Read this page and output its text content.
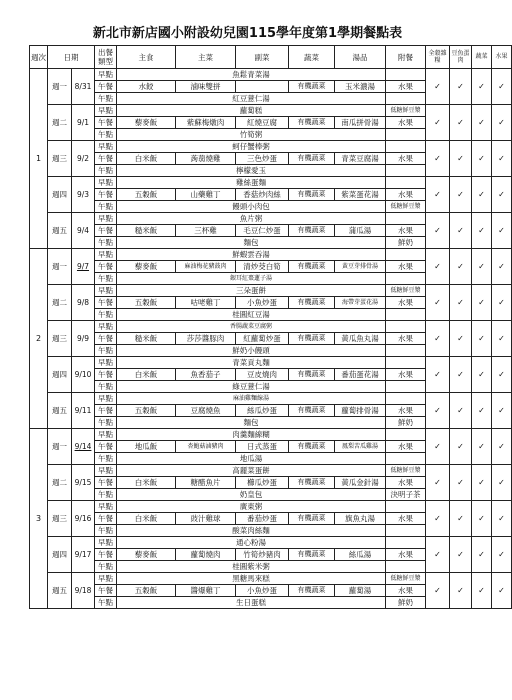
新北市新店國小附設幼兒園115學年度第1學期餐點表
週次	日期		出餐類型	主食	主菜	副菜	蔬菜	湯品	附餐	全穀雜糧	豆魚蛋肉	蔬菜	水果
1	週一	8/31	早點	魚鬆青菜湯						✓	✓	✓	✓
			午餐	水餃	滷味雙拼		有機蔬菜	玉米濃湯	水果				
			午點	紅豆薏仁湯									
	週二	9/1	早點	蘿蔔糕					低糖鮮豆漿	✓	✓	✓	✓
			午餐	藜麥飯	紫蘇梅燉肉	紅燒豆腐	有機蔬菜	南瓜拼骨湯	水果				
			午點	竹筍粥									
	週三	9/2	早點	蚵仔蟹棒粥						✓	✓	✓	✓
			午餐	白米飯	蒟蒻燒雞	三色炒蛋	有機蔬菜	青菜豆腐湯	水果				
			午點	檸檬愛玉									
	週四	9/3	早點	雞絲蛋麵						✓	✓	✓	✓
			午餐	五穀飯	山藥雞丁	香菇炒肉絲	有機蔬菜	紫菜蛋花湯	水果				
			午點	饅頭小肉包					低糖鮮豆漿				
	週五	9/4	早點	魚片粥						✓	✓	✓	✓
			午餐	糙米飯	三杯雞	毛豆仁炒蛋	有機蔬菜	蒲瓜湯	水果				
			午點	麵包					鮮奶				
2	週一	9/7	早點	鮮蝦雲吞湯						✓	✓	✓	✓
			午餐	藜麥飯	麻油梅花豬鼓肉	清炒茭白筍	有機蔬菜	黃豆芽排骨湯	水果				
			午點	銀耳紅棗蓮子湯									
	週二	9/8	早點	三朵蛋餅					低糖鮮豆漿	✓	✓	✓	✓
			午餐	五穀飯	咕咾雞丁	小魚炒蛋	有機蔬菜	海帶芽蛋花湯	水果				
			午點	桂圓紅豆湯									
	週三	9/9	早點	香腸蔬菜豆腐粥						✓	✓	✓	✓
			午餐	糙米飯	莎莎醬豚肉	紅蘿蔔炒蛋	有機蔬菜	黃瓜魚丸湯	水果				
			午點	鮮奶小饅頭									
	週四	9/10	早點	青菜貢丸麵						✓	✓	✓	✓
			午餐	白米飯	魚香茄子	豆皮燒肉	有機蔬菜	番茄蛋花湯	水果				
			午點	綠豆薏仁湯									
	週五	9/11	早點	麻油雞麵線湯						✓	✓	✓	✓
			午餐	五穀飯	豆腐燒魚	絲瓜炒蛋	有機蔬菜	蘿蔔排骨湯	水果				
			午點	麵包					鮮奶				
3	週一	9/14	早點	肉羹麵線糊						✓	✓	✓	✓
			午餐	地瓜飯	杏鮑菇滷豬肉	日式蒸蛋	有機蔬菜	鳳梨苦瓜雞湯	水果				
			午點	地瓜湯									
	週二	9/15	早點	高麗菜蛋餅					低糖鮮豆漿	✓	✓	✓	✓
			午餐	白米飯	糖醋魚片	櫛瓜炒蛋	有機蔬菜	黃瓜金針湯	水果				
			午點	奶皇包					決明子茶				
	週三	9/16	早點	廣東粥						✓	✓	✓	✓
			午餐	白米飯	豉汁雞球	番茄炒蛋	有機蔬菜	旗魚丸湯	水果				
			午點	酸菜肉絲麵									
	週四	9/17	早點	通心粉湯						✓	✓	✓	✓
			午餐	藜麥飯	蘿蔔燒肉	竹筍炒豬肉	有機蔬菜	絲瓜湯	水果				
			午點	桂圓紫米粥									
	週五	9/18	早點	黑糖馬來糕					低糖鮮豆漿	✓	✓	✓	✓
			午餐	五穀飯	醬爆雞丁	小魚炒蛋	有機蔬菜	蘿蔔湯	水果				
			午點	生日蛋糕					鮮奶				
